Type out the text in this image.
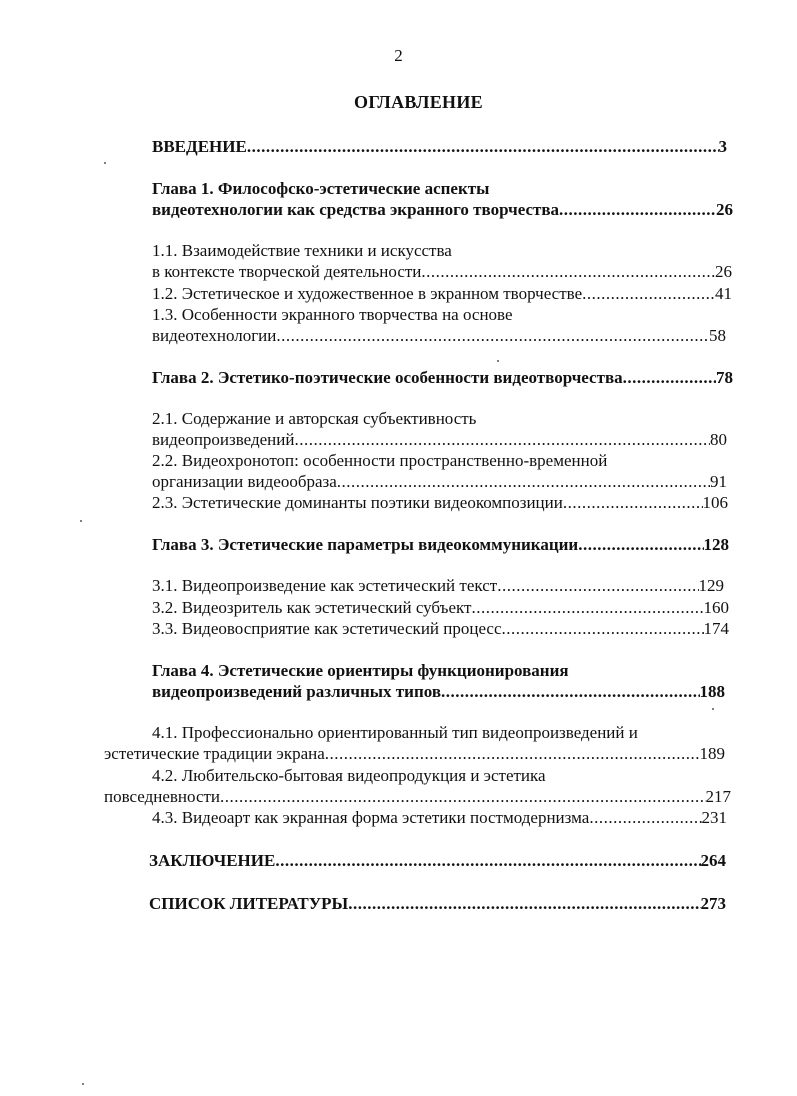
2
ОГЛАВЛЕНИЕ
ВВЕДЕНИЕ .....	3
Глава 1. Философско-эстетические аспекты
видеотехнологии как средства экранного творчества .....	26
1.1. Взаимодействие техники и искусства
в контексте творческой деятельности .....	26
1.2. Эстетическое и художественное в экранном творчестве .....	41
1.3. Особенности экранного творчества на основе
видеотехнологии .....	58
Глава 2. Эстетико-поэтические особенности видеотворчества .....	78
2.1. Содержание и авторская субъективность
видеопроизведений .....	80
2.2. Видеохронотоп: особенности пространственно-временной
организации видеообраза .....	91
2.3. Эстетические доминанты поэтики видеокомпозиции .....	106
Глава 3. Эстетические параметры видеокоммуникации .....	128
3.1. Видеопроизведение как эстетический текст .....	129
3.2. Видеозритель как эстетический субъект .....	160
3.3. Видеовосприятие как эстетический процесс .....	174
Глава 4. Эстетические ориентиры функционирования
видеопроизведений различных типов .....	188
4.1. Профессионально ориентированный тип видеопроизведений и
эстетические традиции экрана .....	189
4.2. Любительско-бытовая видеопродукция и эстетика
повседневности .....	217
4.3. Видеоарт как экранная форма эстетики постмодернизма .....	231
ЗАКЛЮЧЕНИЕ .....	264
СПИСОК ЛИТЕРАТУРЫ .....	273
